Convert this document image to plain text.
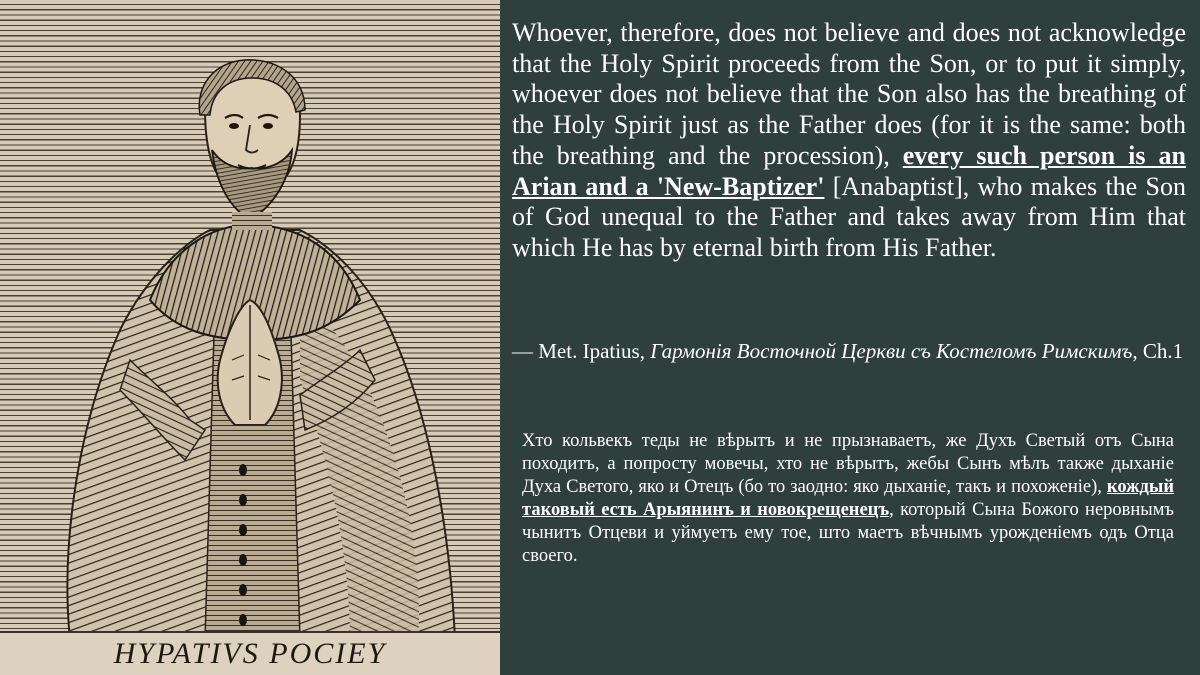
HYPATIVS POCIEY

Whoever, therefore, does not believe and does not acknowledge that the Holy Spirit proceeds from the Son, or to put it simply, whoever does not believe that the Son also has the breathing of the Holy Spirit just as the Father does (for it is the same: both the breathing and the procession), every such person is an Arian and a 'New-Baptizer' [Anabaptist], who makes the Son of God unequal to the Father and takes away from Him that which He has by eternal birth from His Father.

— Met. Ipatius, Гармонія Восточной Церкви съ Костеломъ Римскимъ, Ch.1

Хто кольвекъ теды не вѣрытъ и не прызнаваетъ, же Духъ Светый отъ Сына походитъ, а попросту мовечы, хто не вѣрытъ, жебы Сынъ мѣлъ также дыханіе Духа Светого, яко и Отецъ (бо то заодно: яко дыханіе, такъ и похоженіе), кождый таковый есть Арыянинъ и новокрещенецъ, который Сына Божого неровнымъ чынитъ Отцеви и уймуетъ ему тое, што маетъ вѣчнымъ урожденіемъ одъ Отца своего.
